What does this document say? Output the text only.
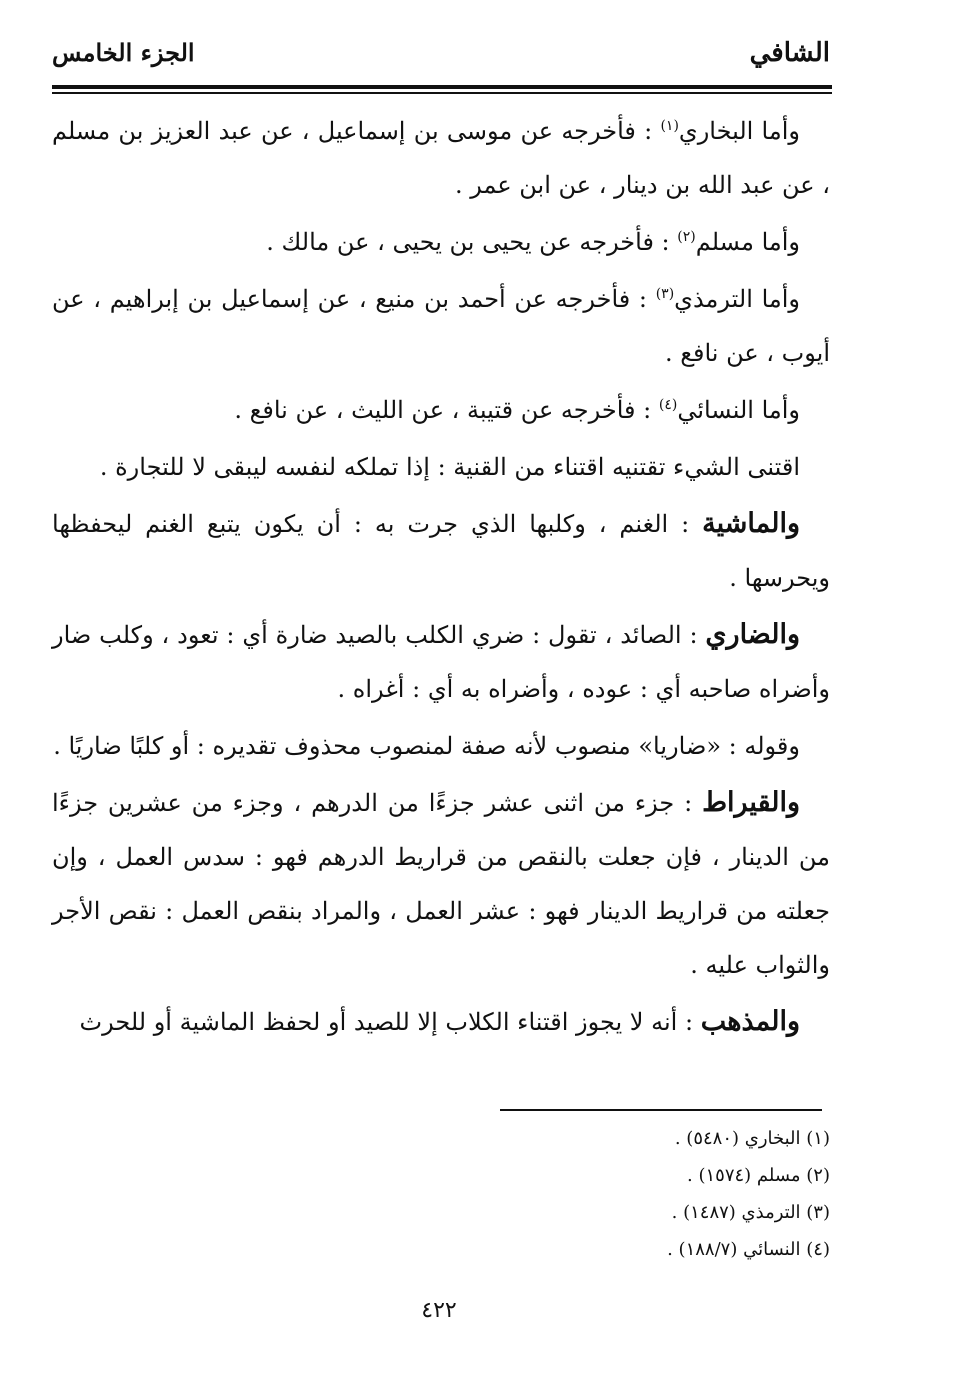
الشافي
الجزء الخامس

وأما البخاري$^{(١)}$ : فأخرجه عن موسى بن إسماعيل ، عن عبد العزيز بن مسلم ، عن عبد الله بن دينار ، عن ابن عمر .

وأما مسلم$^{(٢)}$ : فأخرجه عن يحيى بن يحيى ، عن مالك .

وأما الترمذي$^{(٣)}$ : فأخرجه عن أحمد بن منيع ، عن إسماعيل بن إبراهيم ، عن أيوب ، عن نافع .

وأما النسائي$^{(٤)}$ : فأخرجه عن قتيبة ، عن الليث ، عن نافع .

اقتنى الشيء تقتنيه اقتناء من القنية : إذا تملكه لنفسه ليبقى لا للتجارة .

والماشية : الغنم ، وكلبها الذي جرت به : أن يكون يتبع الغنم ليحفظها ويحرسها .

والضاري : الصائد ، تقول : ضري الكلب بالصيد ضارة أي : تعود ، وكلب ضار وأضراه صاحبه أي : عوده ، وأضراه به أي : أغراه .

وقوله : «ضاريا» منصوب لأنه صفة لمنصوب محذوف تقديره : أو كلبًا ضاريًا .

والقيراط : جزء من اثنى عشر جزءًا من الدرهم ، وجزء من عشرين جزءًا من الدينار ، فإن جعلت بالنقص من قراريط الدرهم فهو : سدس العمل ، وإن جعلته من قراريط الدينار فهو : عشر العمل ، والمراد بنقص العمل : نقص الأجر والثواب عليه .

والمذهب : أنه لا يجوز اقتناء الكلاب إلا للصيد أو لحفظ الماشية أو للحرث

(١) البخاري (٥٤٨٠) .
(٢) مسلم (١٥٧٤) .
(٣) الترمذي (١٤٨٧) .
(٤) النسائي (١٨٨/٧) .
٤٢٢
